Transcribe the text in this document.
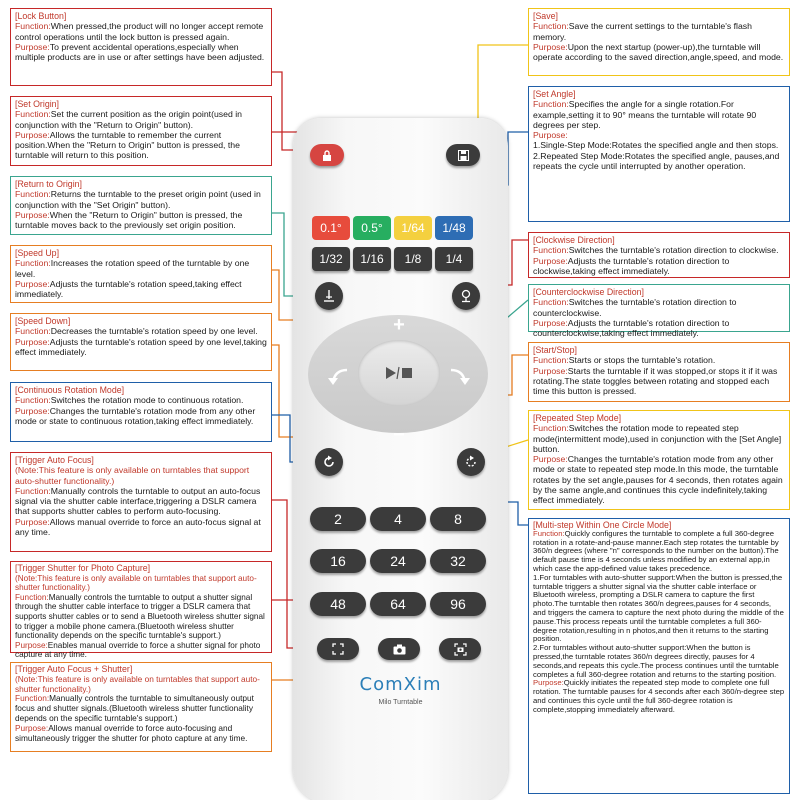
0.1°	0.5°	1/64	1/48
1/32	1/16	1/8	1/4
+
−
2	4	8
16	24	32
48	64	96
ComXim
Milo Turntable
[Lock Button]

Function:When pressed,the product will no longer accept remote control operations until the lock button is pressed again.

Purpose:To prevent accidental operations,especially when multiple products are in use or after settings have been adjusted.

[Set Origin]

Function:Set the current position as the origin point(used in conjunction with the "Return to Origin" button).

Purpose:Allows the turntable to remember the current position.When the "Return to Origin" button is pressed, the turntable will return to this position.

[Return to Origin]

Function:Returns the turntable to the preset origin point (used in conjunction with the "Set Origin" button).

Purpose:When the "Return to Origin" button is pressed, the turntable moves back to the previously set origin position.

[Speed Up]

Function:Increases the rotation speed of the turntable by one level.

Purpose:Adjusts the turntable's rotation speed,taking effect immediately.

[Speed Down]

Function:Decreases the turntable's rotation speed by one level.

Purpose:Adjusts the turntable's rotation speed by one level,taking effect immediately.

[Continuous Rotation Mode]

Function:Switches the rotation mode to continuous rotation.

Purpose:Changes the turntable's rotation mode from any other mode or state to continuous rotation,taking effect immediately.

[Trigger Auto Focus]

(Note:This feature is only available on turntables that support auto-shutter functionality.)

Function:Manually controls the turntable to output an auto-focus signal via the shutter cable interface,triggering a DSLR camera that supports shutter cables to perform auto-focusing.

Purpose:Allows manual override to force an auto-focus signal at any time.

[Trigger Shutter for Photo Capture]

(Note:This feature is only available on turntables that support auto-shutter functionality.)

Function:Manually controls the turntable to output a shutter signal through the shutter cable interface to trigger a DSLR camera that supports shutter cables or to send a Bluetooth wireless shutter signal to trigger a mobile phone camera.(Bluetooth wireless shutter functionality depends on the specific turntable's support.)

Purpose:Enables manual override to force a shutter signal for photo capture at any time.

[Trigger Auto Focus + Shutter]

(Note:This feature is only available on turntables that support auto-shutter functionality.)

Function:Manually controls the turntable to simultaneously output focus and shutter signals.(Bluetooth wireless shutter functionality depends on the specific turntable's support.)

Purpose:Allows manual override to force auto-focusing and simultaneously trigger the shutter for photo capture at any time.

[Save]

Function:Save the current settings to the turntable's flash memory.

Purpose:Upon the next startup (power-up),the turntable will operate according to the saved direction,angle,speed, and mode.

[Set Angle]

Function:Specifies the angle for a single rotation.For example,setting it to 90° means the turntable will rotate 90 degrees per step.

Purpose:

1.Single-Step Mode:Rotates the specified angle and then stops.

2.Repeated Step Mode:Rotates the specified angle, pauses,and repeats the cycle until interrupted by another operation.

[Clockwise Direction]

Function:Switches the turntable's rotation direction to clockwise.

Purpose:Adjusts the turntable's rotation direction to clockwise,taking effect immediately.

[Counterclockwise Direction]

Function:Switches the turntable's rotation direction to counterclockwise.

Purpose:Adjusts the turntable's rotation direction to counterclockwise,taking effect immediately.

[Start/Stop]

Function:Starts or stops the turntable's rotation.

Purpose:Starts the turntable if it was stopped,or stops it if it was rotating.The state toggles between rotating and stopped each time this button is pressed.

[Repeated Step Mode]

Function:Switches the rotation mode to repeated step mode(intermittent mode),used in conjunction with the [Set Angle] button.

Purpose:Changes the turntable's rotation mode from any other mode or state to repeated step mode.In this mode, the turntable rotates by the set angle,pauses for 4 seconds, then rotates again by the same angle,and continues this cycle indefinitely,taking effect immediately.

[Multi-step Within One Circle Mode]

Function:Quickly configures the turntable to complete a full 360-degree rotation in a rotate-and-pause manner.Each step rotates the turntable by 360/n degrees (where "n" corresponds to the number on the button).The default pause time is 4 seconds unless modified by an external app,in which case the app-defined value takes precedence.

1.For turntables with auto-shutter support:When the button is pressed,the turntable triggers a shutter signal via the shutter cable interface or Bluetooth wireless, prompting a DSLR camera to capture the first photo.The turntable then rotates 360/n degrees,pauses for 4 seconds, and triggers the camera to capture the next photo during the middle of the pause.This process repeats until the turntable completes a full 360-degree rotation,resulting in n photos,and then it returns to the starting position.

2.For turntables without auto-shutter support:When the button is pressed,the turntable rotates 360/n degrees directly, pauses for 4 seconds,and repeats this cycle.The process continues until the turntable completes a full 360-degree rotation and returns to the starting position.

Purpose:Quickly initiates the repeated step mode to complete one full rotation. The turntable pauses for 4 seconds after each 360/n-degree step and continues this cycle until the full 360-degree rotation is complete,stopping immediately afterward.
